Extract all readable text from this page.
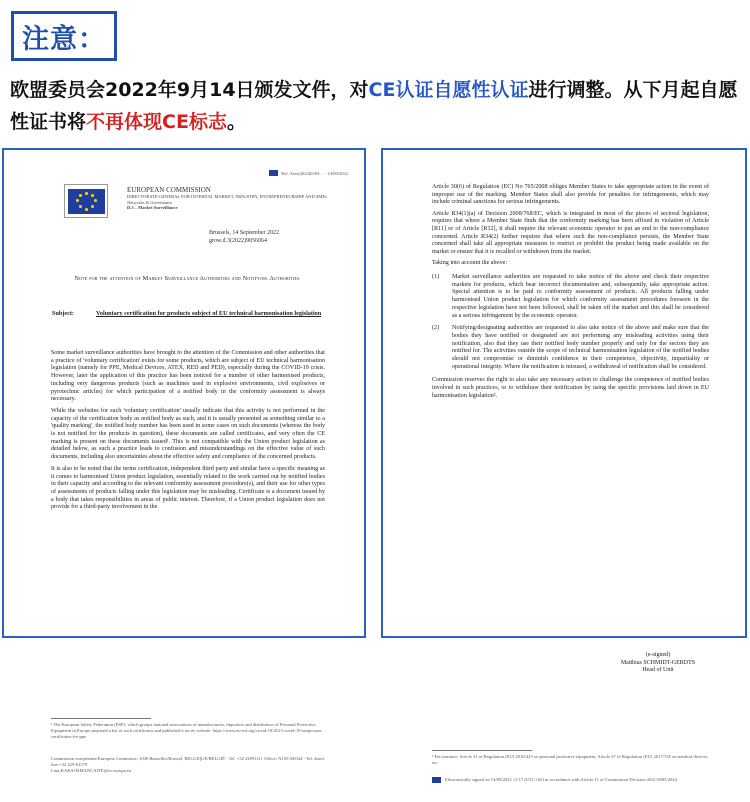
注意：
欧盟委员会2022年9月14日颁发文件，对CE认证自愿性认证进行调整。从下月起自愿性证书将不再体现CE标志。
Ref. Ares(2022)6394… - 14/09/2022
EUROPEAN COMMISSION
DIRECTORATE-GENERAL FOR INTERNAL MARKET, INDUSTRY, ENTREPRENEURSHIP AND SMEs
Networks & Governance
D.3 – Market Surveillance
Brussels, 14 September 2022
grow.d.3(2022)9056064
Note for the attention of Market Surveillance Authorities and Notifying Authorities
Subject:	Voluntary certification for products subject of EU technical harmonisation legislation
Some market surveillance authorities have brought to the attention of the Commission and other authorities that a practice of 'voluntary certification' exists for some products, which are subject of EU technical harmonisation legislation (namely for PPE, Medical Devices, ATEX, RED and PED), especially during the COVID-19 crisis. However, later the application of this practice has been noticed for a number of other harmonised products, including very dangerous products (such as machines used in explosive environments, civil explosives or pyrotechnic articles) for which participation of a notified body in the conformity assessment is always necessary.
While the websites for such 'voluntary certification' usually indicate that this activity is not performed in the capacity of the certification body as notified body as such, and it is usually presented as something similar to a 'quality marking', the notified body number has been used in some cases on such documents (whereas the body is not notified for the products in question), these documents are called certificates, and very often the CE marking is present on these documents issued¹. This is not compatible with the Union product legislation as detailed below, as such a practice leads to confusion and misunderstandings on the effective value of such documents, including also uncertainties about the effective safety and compliance of the concerned products.
It is also to be noted that the terms certification, independent third party and similar have a specific meaning as it comes to harmonised Union product legislation, essentially related to the work carried out by notified bodies in their capacity and according to the relevant conformity assessment procedure(s), and their use for other types of assessments of products falling under this legislation may be misleading. Certificate is a document issued by a body that takes responsibilities in areas of public interest. Therefore, if a Union product legislation does not provide for a third-party involvement in the
¹ The European Safety Federation (ESF), which groups national associations of manufacturers, importers and distributors of Personal Protective Equipment in Europe prepared a list of such certificates and published it on its website: https://www.eu-esf.org/covid-19/4513-covid-19-suspicious-certificates-for-ppe
Commission européenne/Europese Commissie, 1049 Bruxelles/Brussel, BELGIQUE/BELGIË - Tel. +32 22991111 Office: N105 04/044 - Tel. direct line +32 229-81579
Lina.KARAOSMANCAITE@ec.europa.eu
Article 30(6) of Regulation (EC) No 765/2008 obliges Member States to take appropriate action in the event of improper use of the marking. Member States shall also provide for penalties for infringements, which may include criminal sanctions for serious infringements.
Article R34(1)(a) of Decision 2008/768/EC, which is integrated in most of the pieces of sectoral legislation, requires that where a Member State finds that the conformity marking has been affixed in violation of Article [R11] or of Article [R12], it shall require the relevant economic operator to put an end to the non-compliance concerned. Article R34(2) further requires that where such the non-compliance persists, the Member State concerned shall take all appropriate measures to restrict or prohibit the product being made available on the market or ensure that it is recalled or withdrawn from the market.
Taking into account the above:
(1) Market surveillance authorities are requested to take notice of the above and check their respective markets for products, which bear incorrect documentation and, subsequently, take appropriate action. Special attention is to be paid to conformity assessment of products. All products falling under harmonised Union product legislation for which conformity assessment procedures foreseen in the respective legislation have not been followed, shall be taken off the market and this shall be considered as a serious infringement by the economic operator.
(2) Notifying/designating authorities are requested to also take notice of the above and make sure that the bodies they have notified or designated are not performing any misleading activities using their notification, also that they use their notified body number properly and only for the sectors they are notified for. The activities outside the scope of technical harmonisation legislation of the notified bodies should not compromise or diminish confidence in their competence, objectivity, impartiality or operational integrity. Where the notification is misused, a withdrawal of notification shall be considered.
Commission reserves the right to also take any necessary action to challenge the competence of notified bodies involved in such practices, or to withdraw their notification by using the specific provisions laid down in EU harmonisation legislation².
(e-signed)
Matthias SCHMIDT-GERDTS
Head of Unit
² For instance, Article 31 of Regulation (EU) 2016/425 on personal protective equipment, Article 47 of Regulation (EU) 2017/745 on medical devices, etc.
Electronically signed on 14/09/2022 11:17 (UTC+02) in accordance with Article 11 of Commission Decision 2021/3005/2024
